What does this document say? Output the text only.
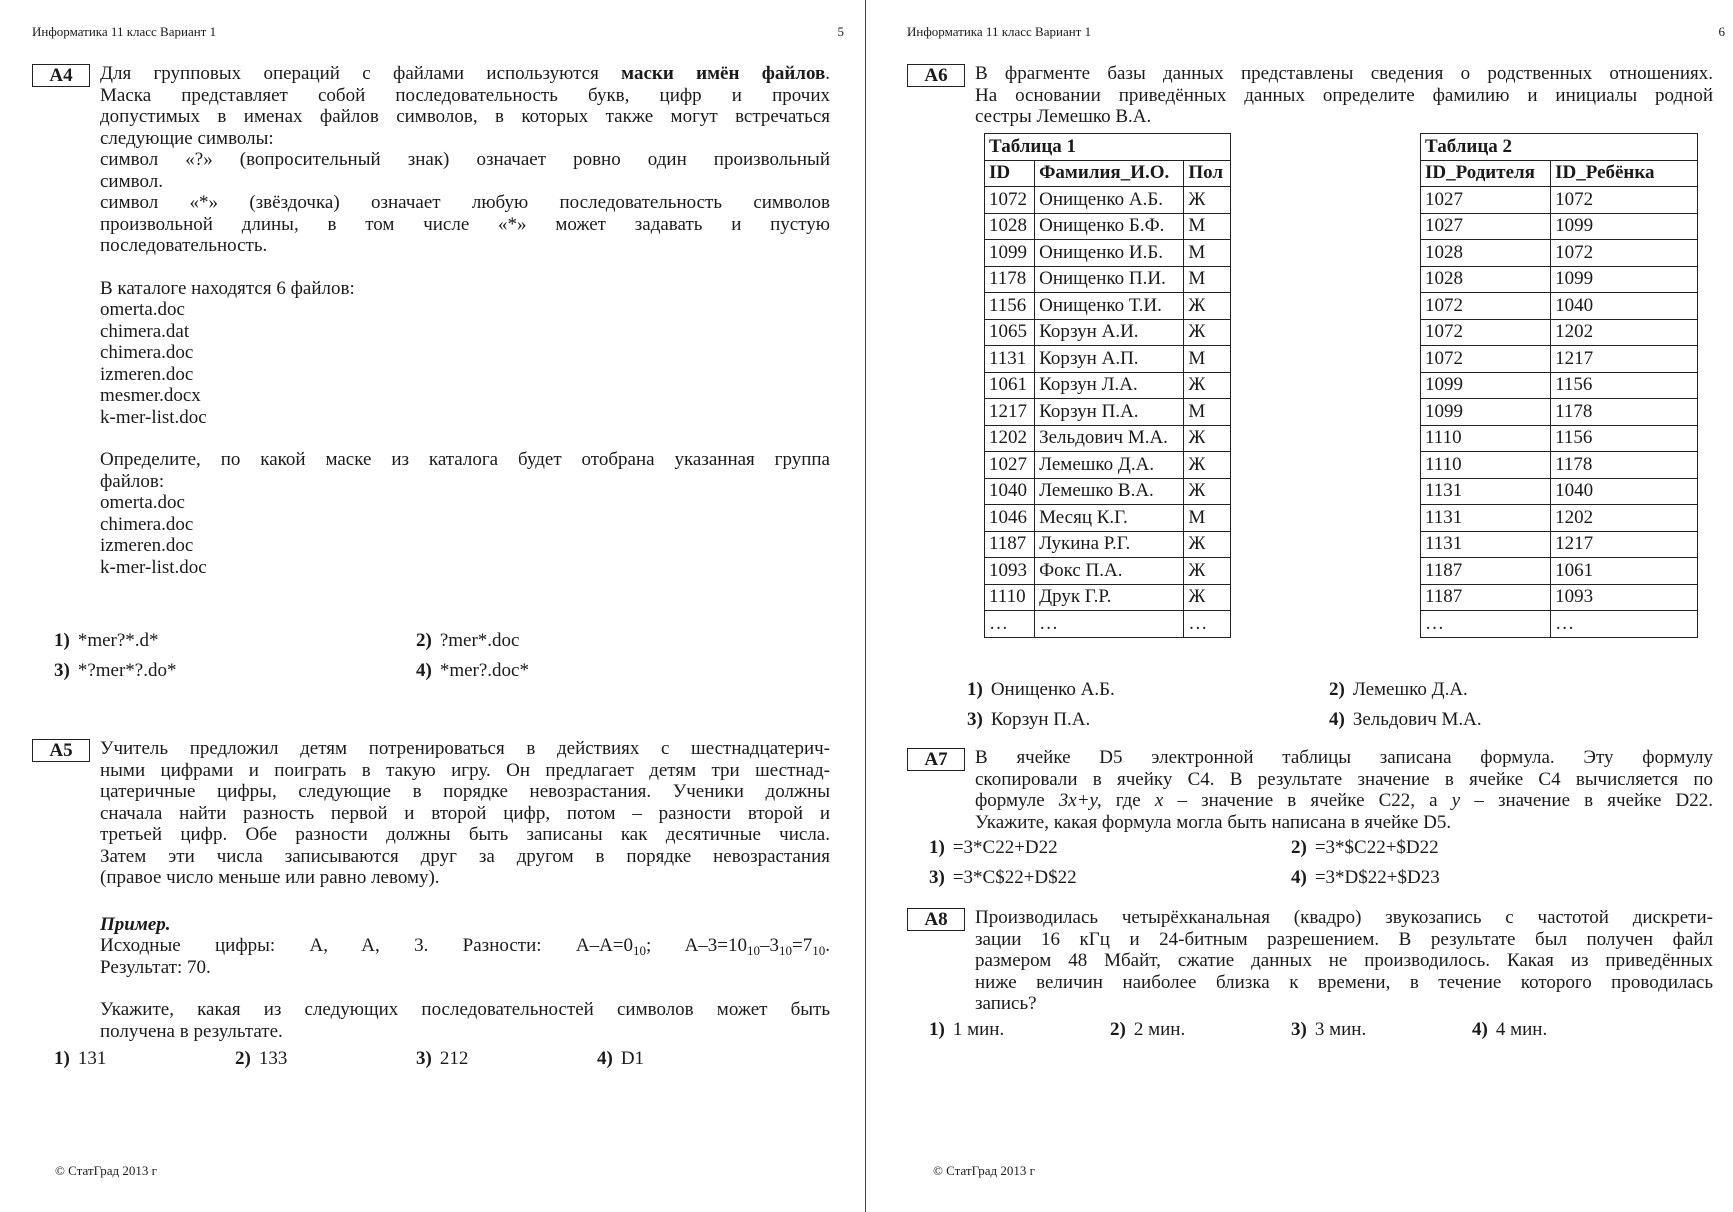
Информатика 11 класс Вариант 1	5
A4	Для групповых операций с файлами используются маски имён файлов.
Маска представляет собой последовательность букв, цифр и прочих
допустимых в именах файлов символов, в которых также могут встречаться
следующие символы:
символ «?» (вопросительный знак) означает ровно один произвольный
символ.
символ «*» (звёздочка) означает любую последовательность символов
произвольной длины, в том числе «*» может задавать и пустую
последовательность.
В каталоге находятся 6 файлов:
omerta.doc
chimera.dat
chimera.doc
izmeren.doc
mesmer.docx
k-mer-list.doc
Определите, по какой маске из каталога будет отобрана указанная группа
файлов:
omerta.doc
chimera.doc
izmeren.doc
k-mer-list.doc
1) *mer?*.d*	2) ?mer*.doc
3) *?mer*?.do*	4) *mer?.doc*
A5	Учитель предложил детям потренироваться в действиях с шестнадцатерич-
ными цифрами и поиграть в такую игру. Он предлагает детям три шестнад-
цатеричные цифры, следующие в порядке невозрастания. Ученики должны
сначала найти разность первой и второй цифр, потом – разности второй и
третьей цифр. Обе разности должны быть записаны как десятичные числа.
Затем эти числа записываются друг за другом в порядке невозрастания
(правое число меньше или равно левому).
Пример.
Исходные цифры: A, A, 3. Разности: $A-A=0_{10}$; $A-3=10_{10}-3_{10}=7_{10}$.
Результат: 70.
Укажите, какая из следующих последовательностей символов может быть
получена в результате.
1) 131	2) 133	3) 212	4) D1
© СтатГрад 2013 г
Информатика 11 класс Вариант 1	6
A6	В фрагменте базы данных представлены сведения о родственных отношениях.
На основании приведённых данных определите фамилию и инициалы родной
сестры Лемешко В.А.
Таблица 1		
ID	Фамилия_И.О.	Пол
1072	Онищенко А.Б.	Ж
1028	Онищенко Б.Ф.	М
1099	Онищенко И.Б.	М
1178	Онищенко П.И.	М
1156	Онищенко Т.И.	Ж
1065	Корзун А.И.	Ж
1131	Корзун А.П.	М
1061	Корзун Л.А.	Ж
1217	Корзун П.А.	М
1202	Зельдович М.А.	Ж
1027	Лемешко Д.А.	Ж
1040	Лемешко В.А.	Ж
1046	Месяц К.Г.	М
1187	Лукина Р.Г.	Ж
1093	Фокс П.А.	Ж
1110	Друк Г.Р.	Ж
…	…	…
Таблица 2	
ID_Родителя	ID_Ребёнка
1027	1072
1027	1099
1028	1072
1028	1099
1072	1040
1072	1202
1072	1217
1099	1156
1099	1178
1110	1156
1110	1178
1131	1040
1131	1202
1131	1217
1187	1061
1187	1093
…	…
1) Онищенко А.Б.	2) Лемешко Д.А.
3) Корзун П.А.	4) Зельдович М.А.
A7	В ячейке D5 электронной таблицы записана формула. Эту формулу
скопировали в ячейку C4. В результате значение в ячейке C4 вычисляется по
формуле 3x+y, где x – значение в ячейке C22, а y – значение в ячейке D22.
Укажите, какая формула могла быть написана в ячейке D5.
1) =3*C22+D22	2) =3*$C22+$D22
3) =3*C$22+D$22	4) =3*D$22+$D23
A8	Производилась четырёхканальная (квадро) звукозапись с частотой дискрети-
зации 16 кГц и 24-битным разрешением. В результате был получен файл
размером 48 Мбайт, сжатие данных не производилось. Какая из приведённых
ниже величин наиболее близка к времени, в течение которого проводилась
запись?
1) 1 мин.	2) 2 мин.	3) 3 мин.	4) 4 мин.
© СтатГрад 2013 г
